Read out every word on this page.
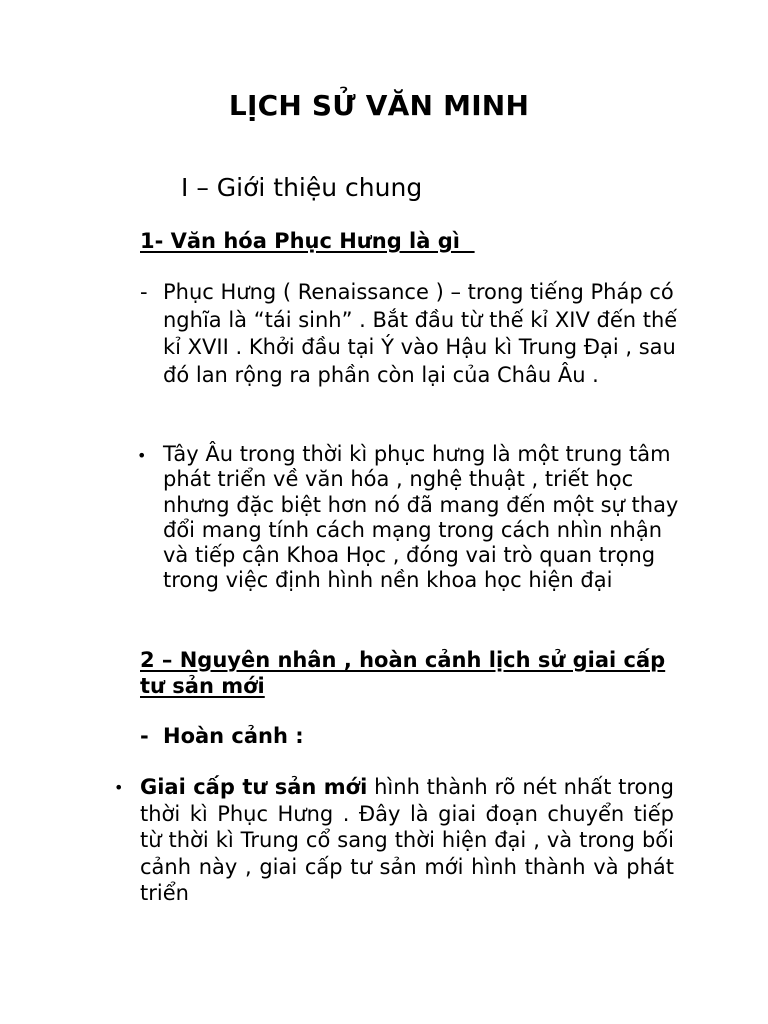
LỊCH SỬ VĂN MINH
I – Giới thiệu chung
1- Văn hóa Phục Hưng là gì
- Phục Hưng ( Renaissance ) – trong tiếng Pháp có nghĩa là “tái sinh” . Bắt đầu từ thế kỉ XIV đến thế kỉ XVII . Khởi đầu tại Ý vào Hậu kì Trung Đại , sau đó lan rộng ra phần còn lại của Châu Âu .

• Tây Âu trong thời kì phục hưng là một trung tâm phát triển về văn hóa , nghệ thuật , triết học nhưng đặc biệt hơn nó đã mang đến một sự thay đổi mang tính cách mạng trong cách nhìn nhận và tiếp cận Khoa Học , đóng vai trò quan trọng trong việc định hình nền khoa học hiện đại

2 – Nguyên nhân , hoàn cảnh lịch sử giai cấp tư sản mới
- Hoàn cảnh :
• Giai cấp tư sản mới hình thành rõ nét nhất trong thời kì Phục Hưng . Đây là giai đoạn chuyển tiếp từ thời kì Trung cổ sang thời hiện đại , và trong bối cảnh này , giai cấp tư sản mới hình thành và phát triển
